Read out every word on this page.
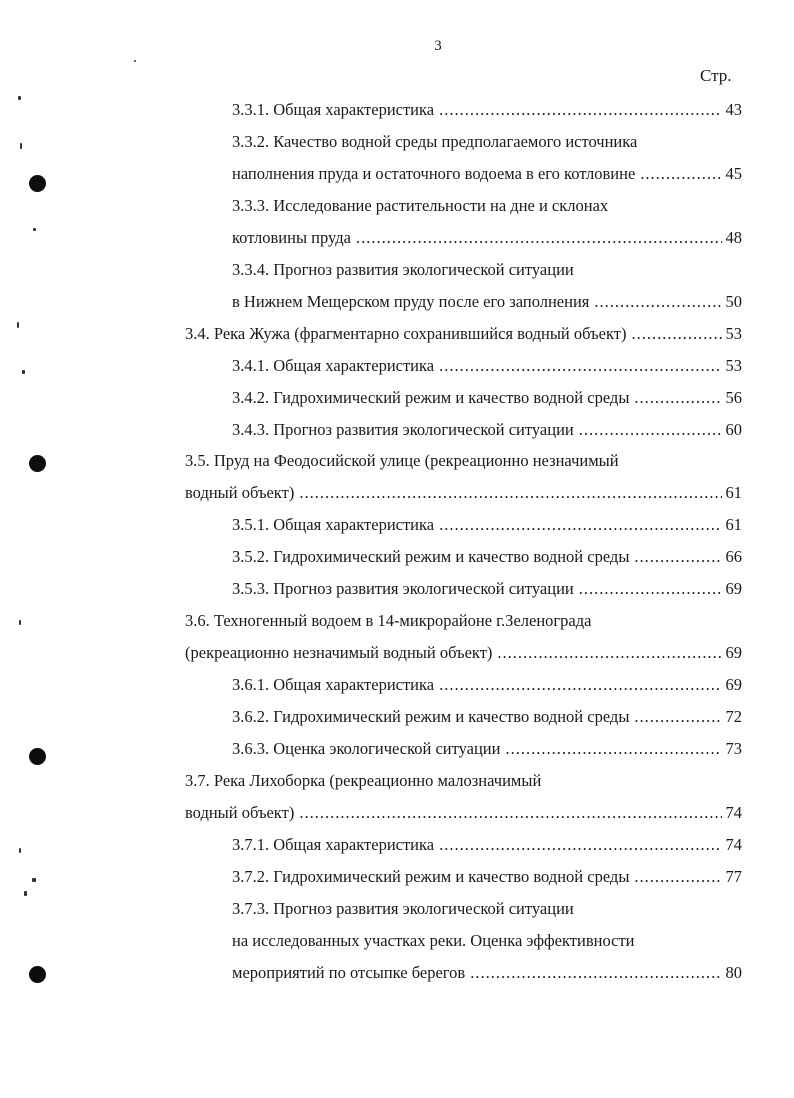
3
Стр.
3.3.1. Общая характеристика .....	43
3.3.2. Качество водной среды предполагаемого источника
наполнения пруда и остаточного водоема в его котловине .....	45
3.3.3. Исследование растительности на дне и склонах
котловины пруда .....	48
3.3.4. Прогноз развития экологической ситуации
в Нижнем Мещерском пруду после его заполнения .....	50
3.4. Река Жужа (фрагментарно сохранившийся водный объект) .....	53
3.4.1. Общая характеристика .....	53
3.4.2. Гидрохимический режим и качество водной среды .....	56
3.4.3. Прогноз развития экологической ситуации .....	60
3.5. Пруд на Феодосийской улице (рекреационно незначимый
водный объект) .....	61
3.5.1. Общая характеристика .....	61
3.5.2. Гидрохимический режим и качество водной среды .....	66
3.5.3. Прогноз развития экологической ситуации .....	69
3.6. Техногенный водоем в 14-микрорайоне г.Зеленограда
(рекреационно незначимый водный объект) .....	69
3.6.1. Общая характеристика .....	69
3.6.2. Гидрохимический режим и качество водной среды .....	72
3.6.3. Оценка экологической ситуации .....	73
3.7. Река Лихоборка (рекреационно малозначимый
водный объект) .....	74
3.7.1. Общая характеристика .....	74
3.7.2. Гидрохимический режим и качество водной среды .....	77
3.7.3. Прогноз развития экологической ситуации
на исследованных участках реки. Оценка эффективности
мероприятий по отсыпке берегов .....	80
